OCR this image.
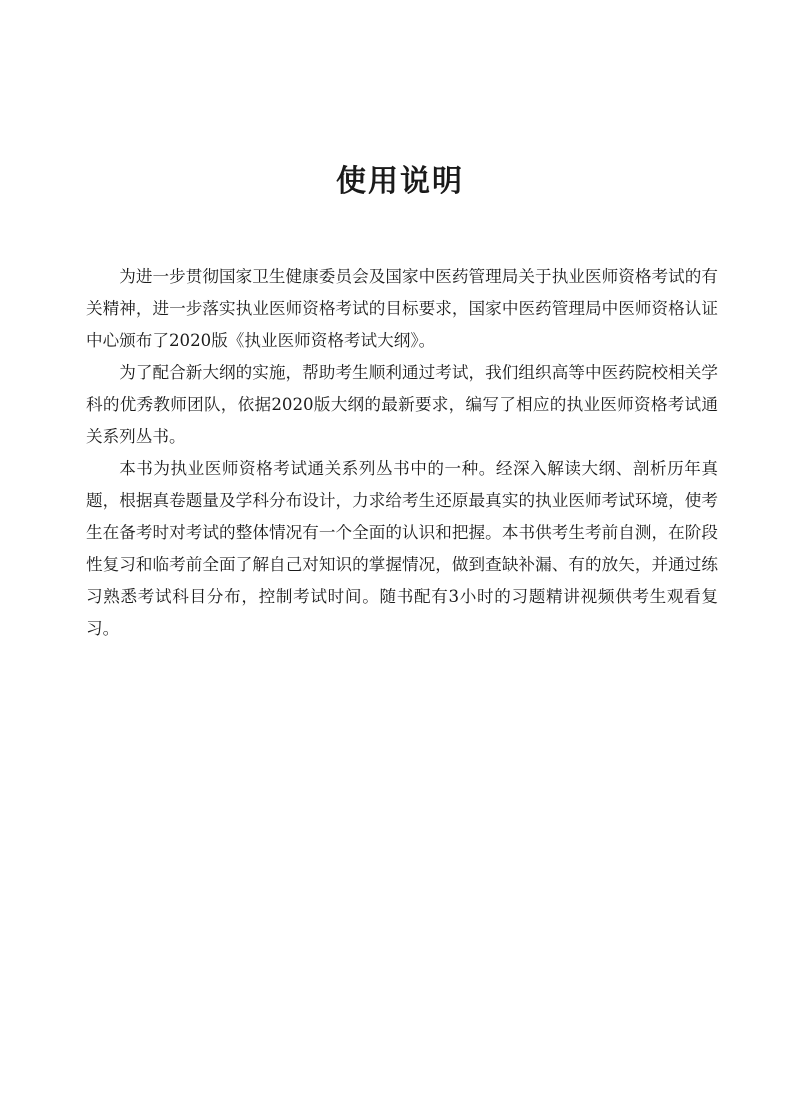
使用说明

为进一步贯彻国家卫生健康委员会及国家中医药管理局关于执业医师资格考试的有关精神，进一步落实执业医师资格考试的目标要求，国家中医药管理局中医师资格认证中心颁布了2020版《执业医师资格考试大纲》。

为了配合新大纲的实施，帮助考生顺利通过考试，我们组织高等中医药院校相关学科的优秀教师团队，依据2020版大纲的最新要求，编写了相应的执业医师资格考试通关系列丛书。

本书为执业医师资格考试通关系列丛书中的一种。经深入解读大纲、剖析历年真题，根据真卷题量及学科分布设计，力求给考生还原最真实的执业医师考试环境，使考生在备考时对考试的整体情况有一个全面的认识和把握。本书供考生考前自测，在阶段性复习和临考前全面了解自己对知识的掌握情况，做到查缺补漏、有的放矢，并通过练习熟悉考试科目分布，控制考试时间。随书配有3小时的习题精讲视频供考生观看复习。
